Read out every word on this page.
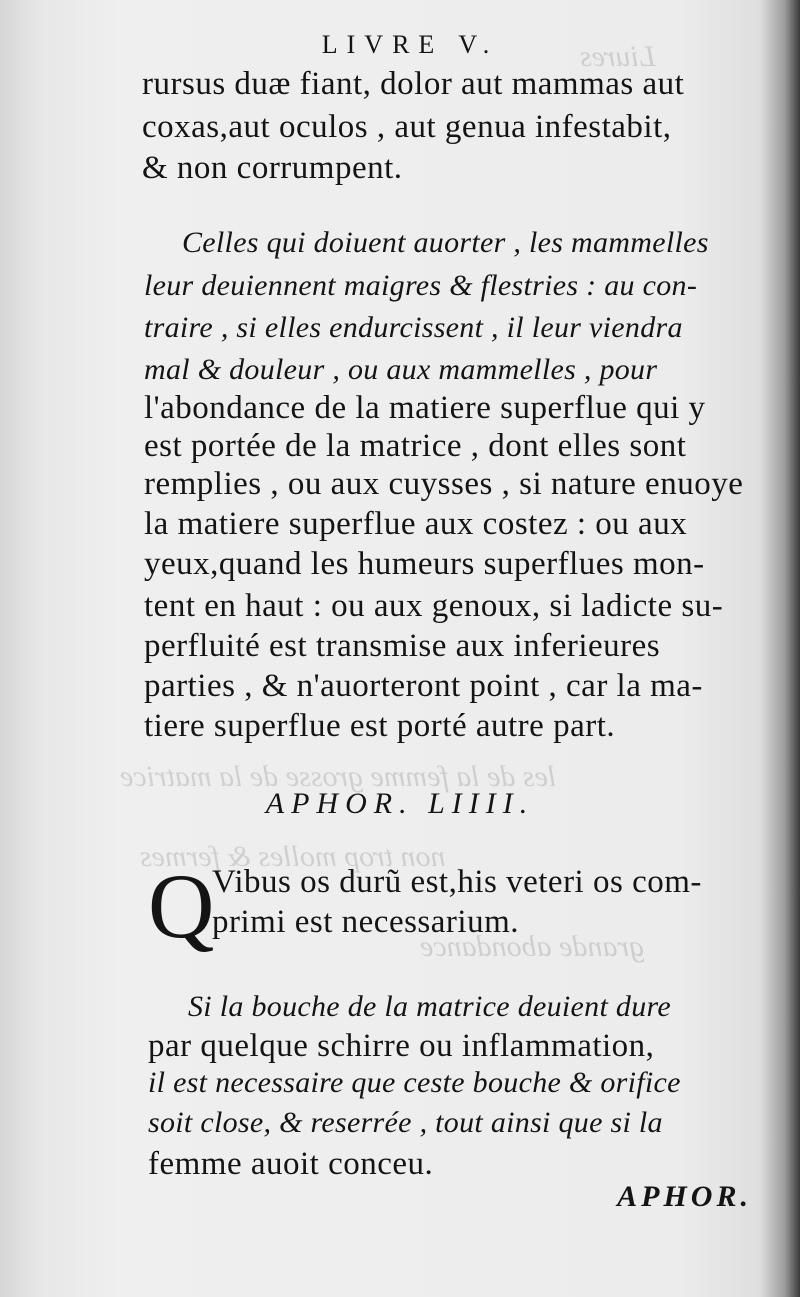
Liures
les de la femme grosse de la matrice
non trop molles & fermes
grande abondance
LIVRE V.
rursus duæ fiant, dolor aut mammas aut
coxas,aut oculos , aut genua infestabit,
& non corrumpent.
Celles qui doiuent auorter , les mammelles
leur deuiennent maigres & flestries : au con-
traire , si elles endurcissent , il leur viendra
mal & douleur , ou aux mammelles , pour
l'abondance de la matiere superflue qui y
est portée de la matrice , dont elles sont
remplies , ou aux cuysses , si nature enuoye
la matiere superflue aux costez : ou aux
yeux,quand les humeurs superflues mon-
tent en haut : ou aux genoux, si ladicte su-
perfluité est transmise aux inferieures
parties , & n'auorteront point , car la ma-
tiere superflue est porté autre part.
APHOR. LIIII.
Q
Vibus os durũ est,his veteri os com-
primi est necessarium.
Si la bouche de la matrice deuient dure
par quelque schirre ou inflammation,
il est necessaire que ceste bouche & orifice
soit close, & reserrée , tout ainsi que si la
femme auoit conceu.
APHOR.
